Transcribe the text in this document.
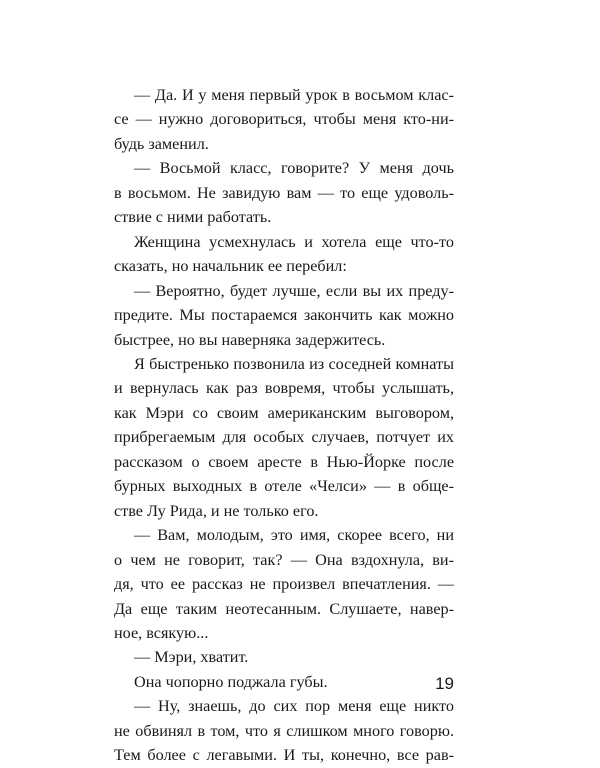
— Да. И у меня первый урок в восьмом клас-
се — нужно договориться, чтобы меня кто-ни-
будь заменил.
— Восьмой класс, говорите? У меня дочь
в восьмом. Не завидую вам — то еще удоволь-
ствие с ними работать.
Женщина усмехнулась и хотела еще что-то
сказать, но начальник ее перебил:
— Вероятно, будет лучше, если вы их преду-
предите. Мы постараемся закончить как можно
быстрее, но вы наверняка задержитесь.
Я быстренько позвонила из соседней комнаты
и вернулась как раз вовремя, чтобы услышать,
как Мэри со своим американским выговором,
прибрегаемым для особых случаев, потчует их
рассказом о своем аресте в Нью-Йорке после
бурных выходных в отеле «Челси» — в обще-
стве Лу Рида, и не только его.
— Вам, молодым, это имя, скорее всего, ни
о чем не говорит, так? — Она вздохнула, ви-
дя, что ее рассказ не произвел впечатления. —
Да еще таким неотесанным. Слушаете, навер-
ное, всякую...
— Мэри, хватит.
Она чопорно поджала губы.
— Ну, знаешь, до сих пор меня еще никто
не обвинял в том, что я слишком много говорю.
Тем более с легавыми. И ты, конечно, все рав-
19
